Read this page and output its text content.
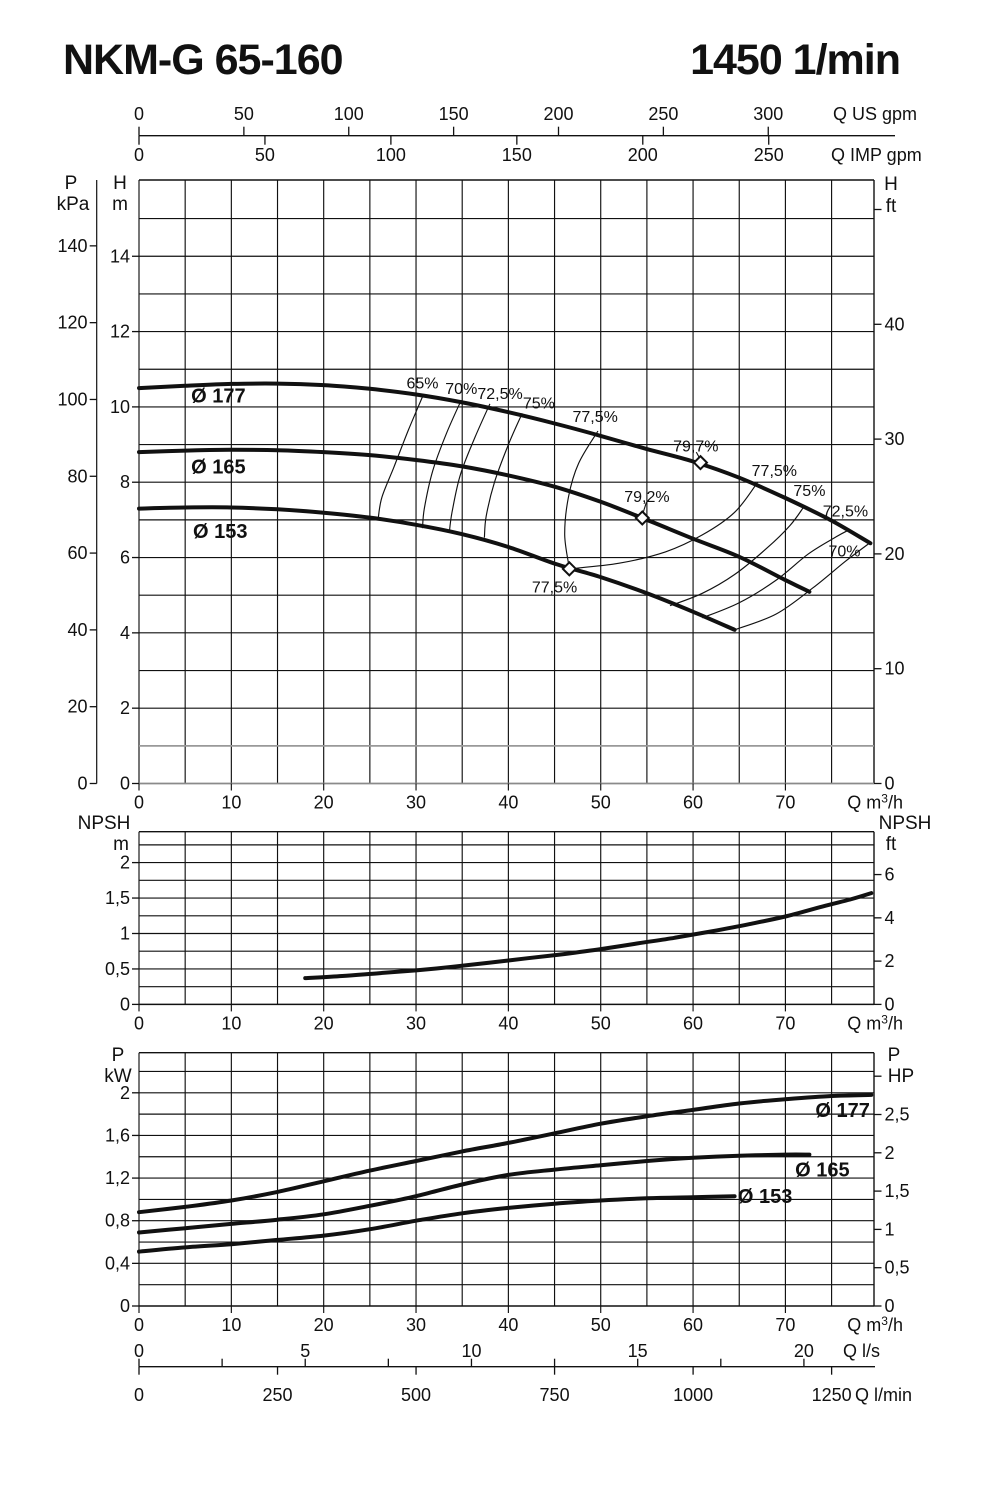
NKM-G 65-160	1450 1/min
0	50	100	150	200	250	300	Q US gpm
0	50	100	150	200	250	Q IMP gpm
0	10	20	30	40	50	60	70	Q $m^3/h$
140
120
100
80
60
40
20
0
14
12
10
8
6
4
2
0
40
30
20
10
0
P
kPa
H
m
H
ft
65% 70% 72,5%
75%
77,5%
79,7%
79,2%
77,5%
75%
72,5%
70%
77,5%
Ø 177
Ø 165
Ø 153
0	10	20	30	40	50	60	70	Q $m^3/h$
2
1,5
1
0,5
0
6
4
2
0
NPSH
m
NPSH
ft
0	10	20	30	40	50	60	70	Q $m^3/h$
2
1,6
1,2
0,8
0,4
0
2,5
2
1,5
1
0,5
0
P
kW
P
HP
Ø 177
Ø 165
Ø 153
0	5	10	15	20 Q l/s
0	250	500	750	1000	1250 Q l/min
